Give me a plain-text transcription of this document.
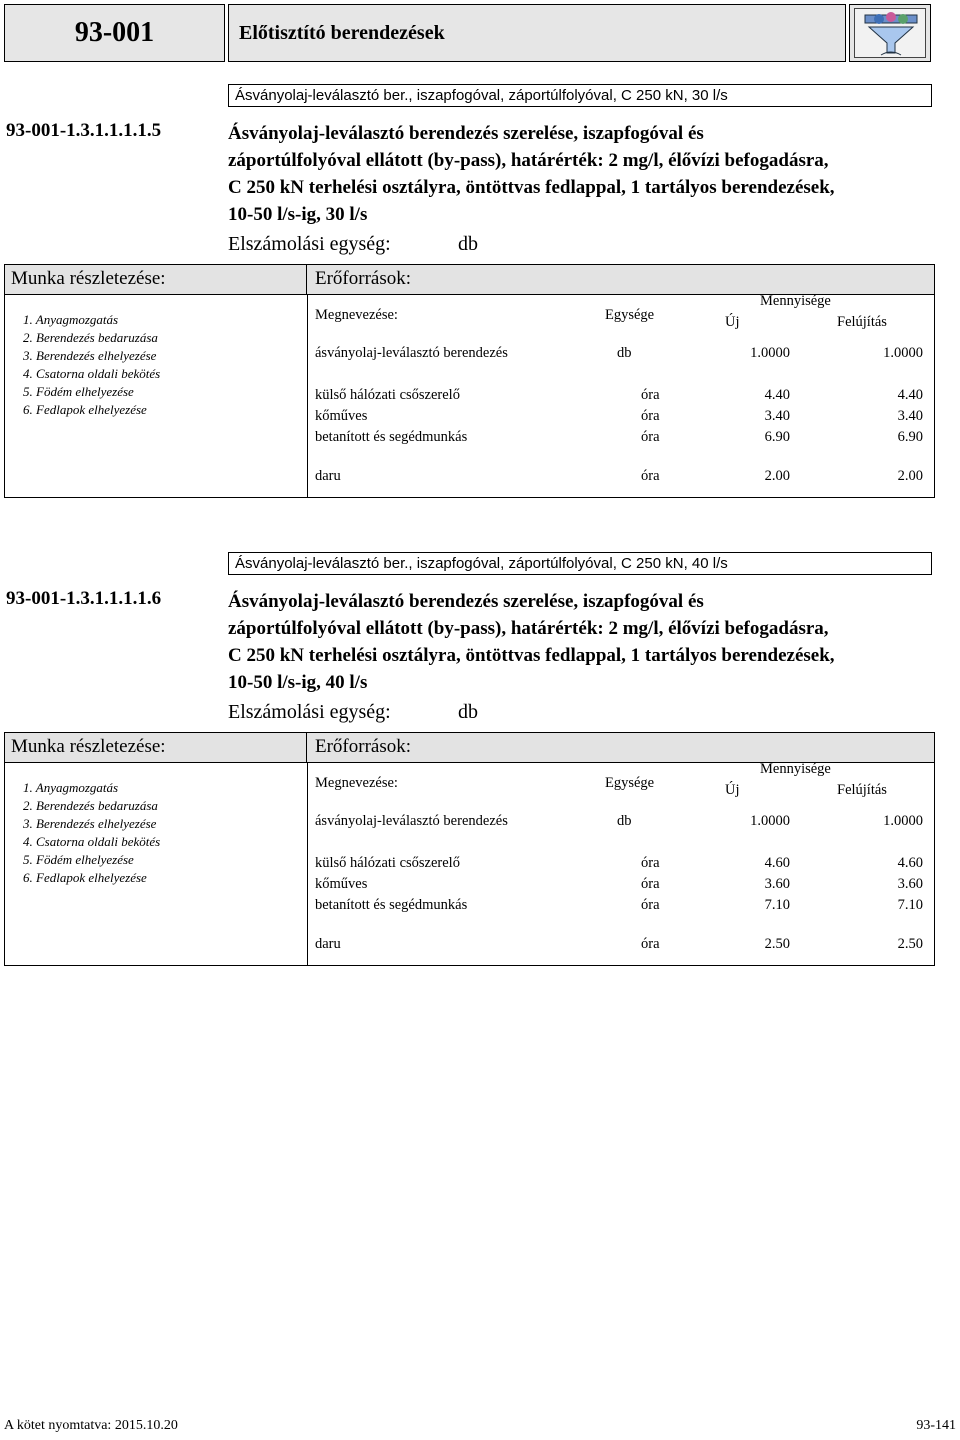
93-001	Előtisztító berendezések
Ásványolaj-leválasztó ber., iszapfogóval, záportúlfolyóval, C 250 kN, 30 l/s
93-001-1.3.1.1.1.1.5	Ásványolaj-leválasztó berendezés szerelése, iszapfogóval és
záportúlfolyóval ellátott (by-pass), határérték: 2 mg/l, élővízi befogadásra,
C 250 kN terhelési osztályra, öntöttvas fedlappal, 1 tartályos berendezések,
10-50 l/s-ig, 30 l/s
Elszámolási egység:	db
Munka részletezése:	Erőforrások:
1. Anyagmozgatás
2. Berendezés bedaruzása
3. Berendezés elhelyezése
4. Csatorna oldali bekötés
5. Födém elhelyezése
6. Fedlapok elhelyezése
Megnevezése:	Egysége
Mennyisége
Új	Felújítás
ásványolaj-leválasztó berendezés	db	1.0000	1.0000
külső hálózati csőszerelő	óra	4.40	4.40
kőműves	óra	3.40	3.40
betanított és segédmunkás	óra	6.90	6.90
daru	óra	2.00	2.00
Ásványolaj-leválasztó ber., iszapfogóval, záportúlfolyóval, C 250 kN, 40 l/s
93-001-1.3.1.1.1.1.6	Ásványolaj-leválasztó berendezés szerelése, iszapfogóval és
záportúlfolyóval ellátott (by-pass), határérték: 2 mg/l, élővízi befogadásra,
C 250 kN terhelési osztályra, öntöttvas fedlappal, 1 tartályos berendezések,
10-50 l/s-ig, 40 l/s
Elszámolási egység:	db
Munka részletezése:	Erőforrások:
1. Anyagmozgatás
2. Berendezés bedaruzása
3. Berendezés elhelyezése
4. Csatorna oldali bekötés
5. Födém elhelyezése
6. Fedlapok elhelyezése
Megnevezése:	Egysége
Mennyisége
Új	Felújítás
ásványolaj-leválasztó berendezés	db	1.0000	1.0000
külső hálózati csőszerelő	óra	4.60	4.60
kőműves	óra	3.60	3.60
betanított és segédmunkás	óra	7.10	7.10
daru	óra	2.50	2.50
A kötet nyomtatva: 2015.10.20	93-141
